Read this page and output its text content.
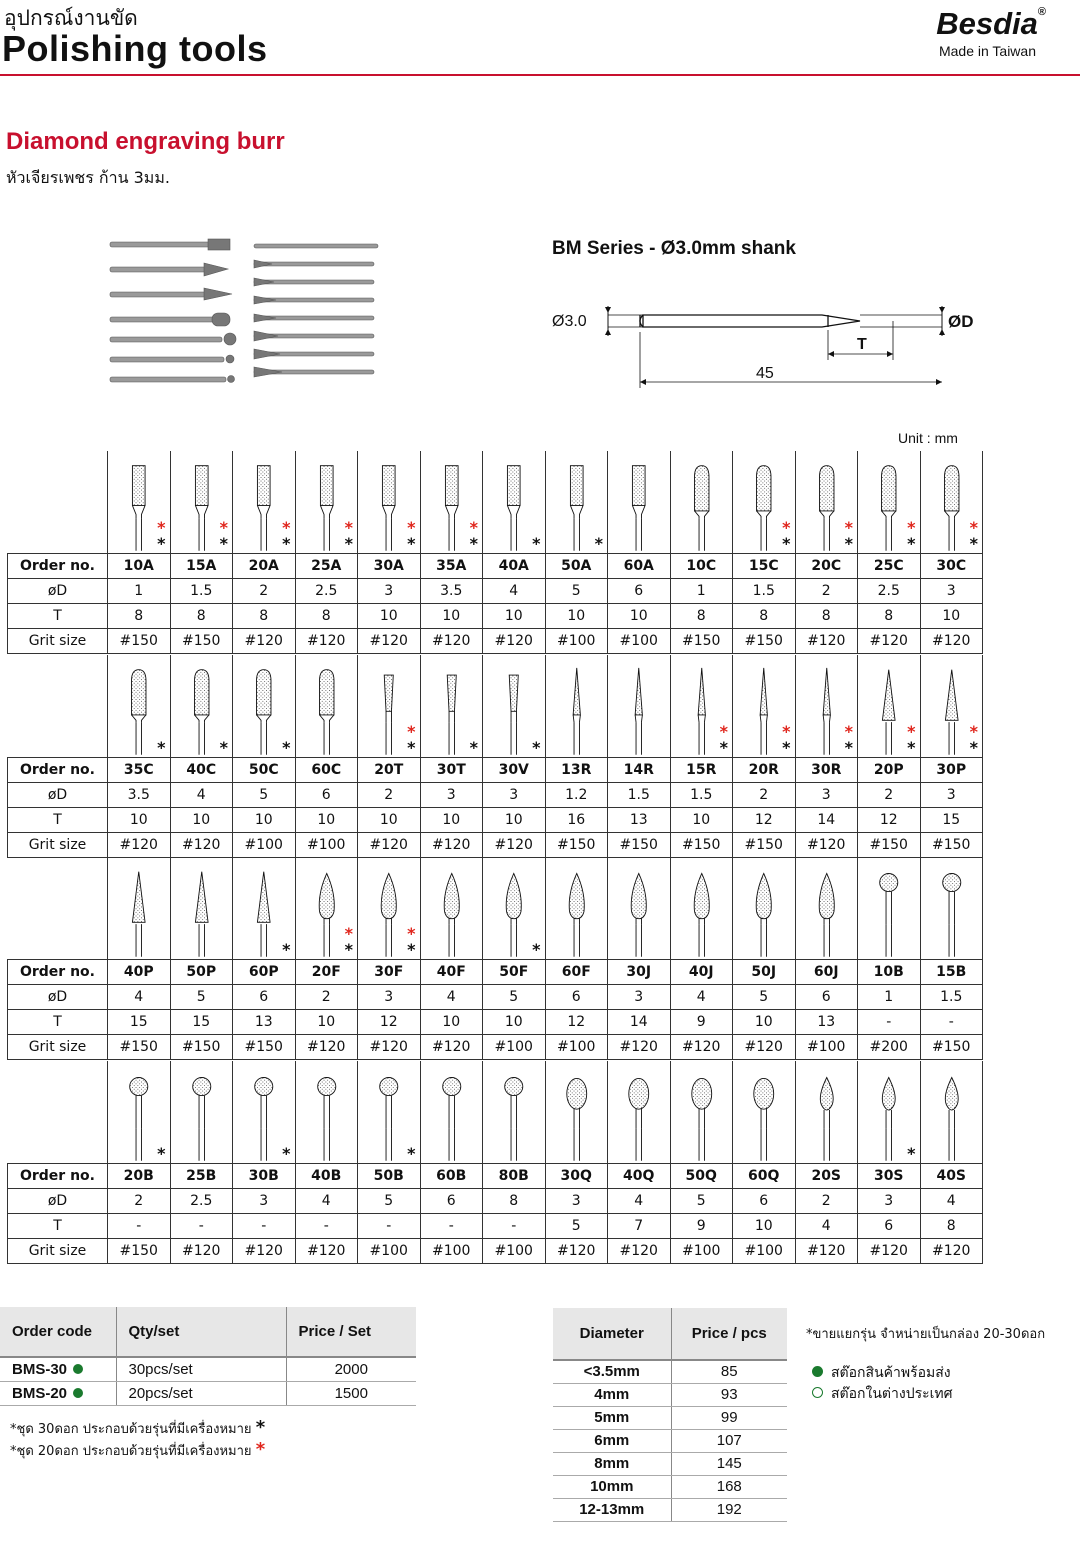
อุปกรณ์งานขัด
Polishing tools
Besdia®
Made in Taiwan
Diamond engraving burr
หัวเจียรเพชร ก้าน 3มม.
BM Series - Ø3.0mm shank
Ø3.0	ØD
T
45
Unit : mm

	*
*	*
*	*
*	*
*	*
*	*
*	*	*			*
*	*
*	*
*	*
*

Order no.	10A	15A	20A	25A	30A	35A	40A	50A	60A	10C	15C	20C	25C	30C
øD	1	1.5	2	2.5	3	3.5	4	5	6	1	1.5	2	2.5	3
T	8	8	8	8	10	10	10	10	10	8	8	8	8	10
Grit size	#150	#150	#120	#120	#120	#120	#120	#100	#100	#150	#150	#120	#120	#120

	*	*	*		*
*	*	*			*
*	*
*	*
*	*
*	*
*

Order no.	35C	40C	50C	60C	20T	30T	30V	13R	14R	15R	20R	30R	20P	30P
øD	3.5	4	5	6	2	3	3	1.2	1.5	1.5	2	3	2	3
T	10	10	10	10	10	10	10	16	13	10	12	14	12	15
Grit size	#120	#120	#100	#100	#120	#120	#120	#150	#150	#150	#150	#120	#150	#150

*	*
*	*
*		*

Order no.	40P	50P	60P	20F	30F	40F	50F	60F	30J	40J	50J	60J	10B	15B
øD	4	5	6	2	3	4	5	6	3	4	5	6	1	1.5
T	15	15	13	10	12	10	10	12	14	9	10	13	-	-
Grit size	#150	#150	#150	#120	#120	#120	#100	#100	#120	#120	#120	#100	#200	#150

	*		*		*								*

Order no.	20B	25B	30B	40B	50B	60B	80B	30Q	40Q	50Q	60Q	20S	30S	40S
øD	2	2.5	3	4	5	6	8	3	4	5	6	2	3	4
T	-	-	-	-	-	-	-	5	7	9	10	4	6	8
Grit size	#150	#120	#120	#120	#100	#100	#100	#120	#120	#100	#100	#120	#120	#120
Order code	Qty/set	Price / Set
BMS-30	30pcs/set	2000
BMS-20	20pcs/set	1500
*ชุด 30ดอก ประกอบด้วยรุ่นที่มีเครื่องหมาย *
*ชุด 20ดอก ประกอบด้วยรุ่นที่มีเครื่องหมาย *
Diameter	Price / pcs
<3.5mm	85
4mm	93
5mm	99
6mm	107
8mm	145
10mm	168
12-13mm	192
*ขายแยกรุ่น จำหน่ายเป็นกล่อง 20-30ดอก
สต๊อกสินค้าพร้อมส่ง
สต๊อกในต่างประเทศ
